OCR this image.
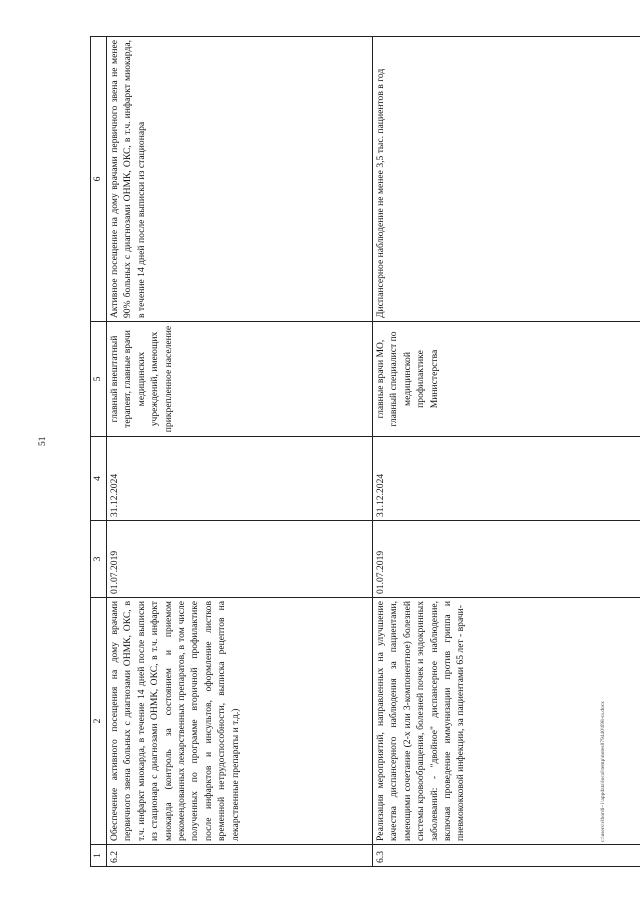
51
1	2	3	4	5	6
6.2	Обеспечение активного посещения на дому врачами первичного звена больных с диагнозами ОНМК, ОКС, в т.ч. инфаркт миокарда, в течение 14 дней после выписки из стационара с диагнозами ОНМК, ОКС, в т.ч. инфаркт миокарда (контроль за состоянием и приемом рекомендованных лекарственных препаратов, в том числе полученных по программе вторичной профилактике после инфарктов и инсультов, оформление листков временной нетрудоспособности, выписка рецептов на лекарственные препараты и т.д.)	01.07.2019	31.12.2024	главный внештатный терапевт, главные врачи медицинских учреждений, имеющих прикрепленное население	Активное посещение на дому врачами первичного звена не менее 90% больных с диагнозами ОНМК, ОКС, в т.ч. инфаркт миокарда, в течение 14 дней после выписки из стационара
6.3	Реализация мероприятий, направленных на улучшение качества диспансерного наблюдения за пациентами, имеющими сочетание (2-х или 3-компонентное) болезней системы кровообращения, болезней почек и эндокринных заболеваний: - "двойное" диспансерное наблюдение, включая проведение иммунизации против гриппа и пневмококковой инфекции, за пациентами 65 лет - врачи-	01.07.2019	31.12.2024	главные врачи МО, главный специалист по медицинской профилактике Министерства	Диспансерное наблюдение не менее 3,5 тыс. пациентов в год
c:\users\vlbordi~1\appdata\local\temp\notes879440\698-ra.docx
